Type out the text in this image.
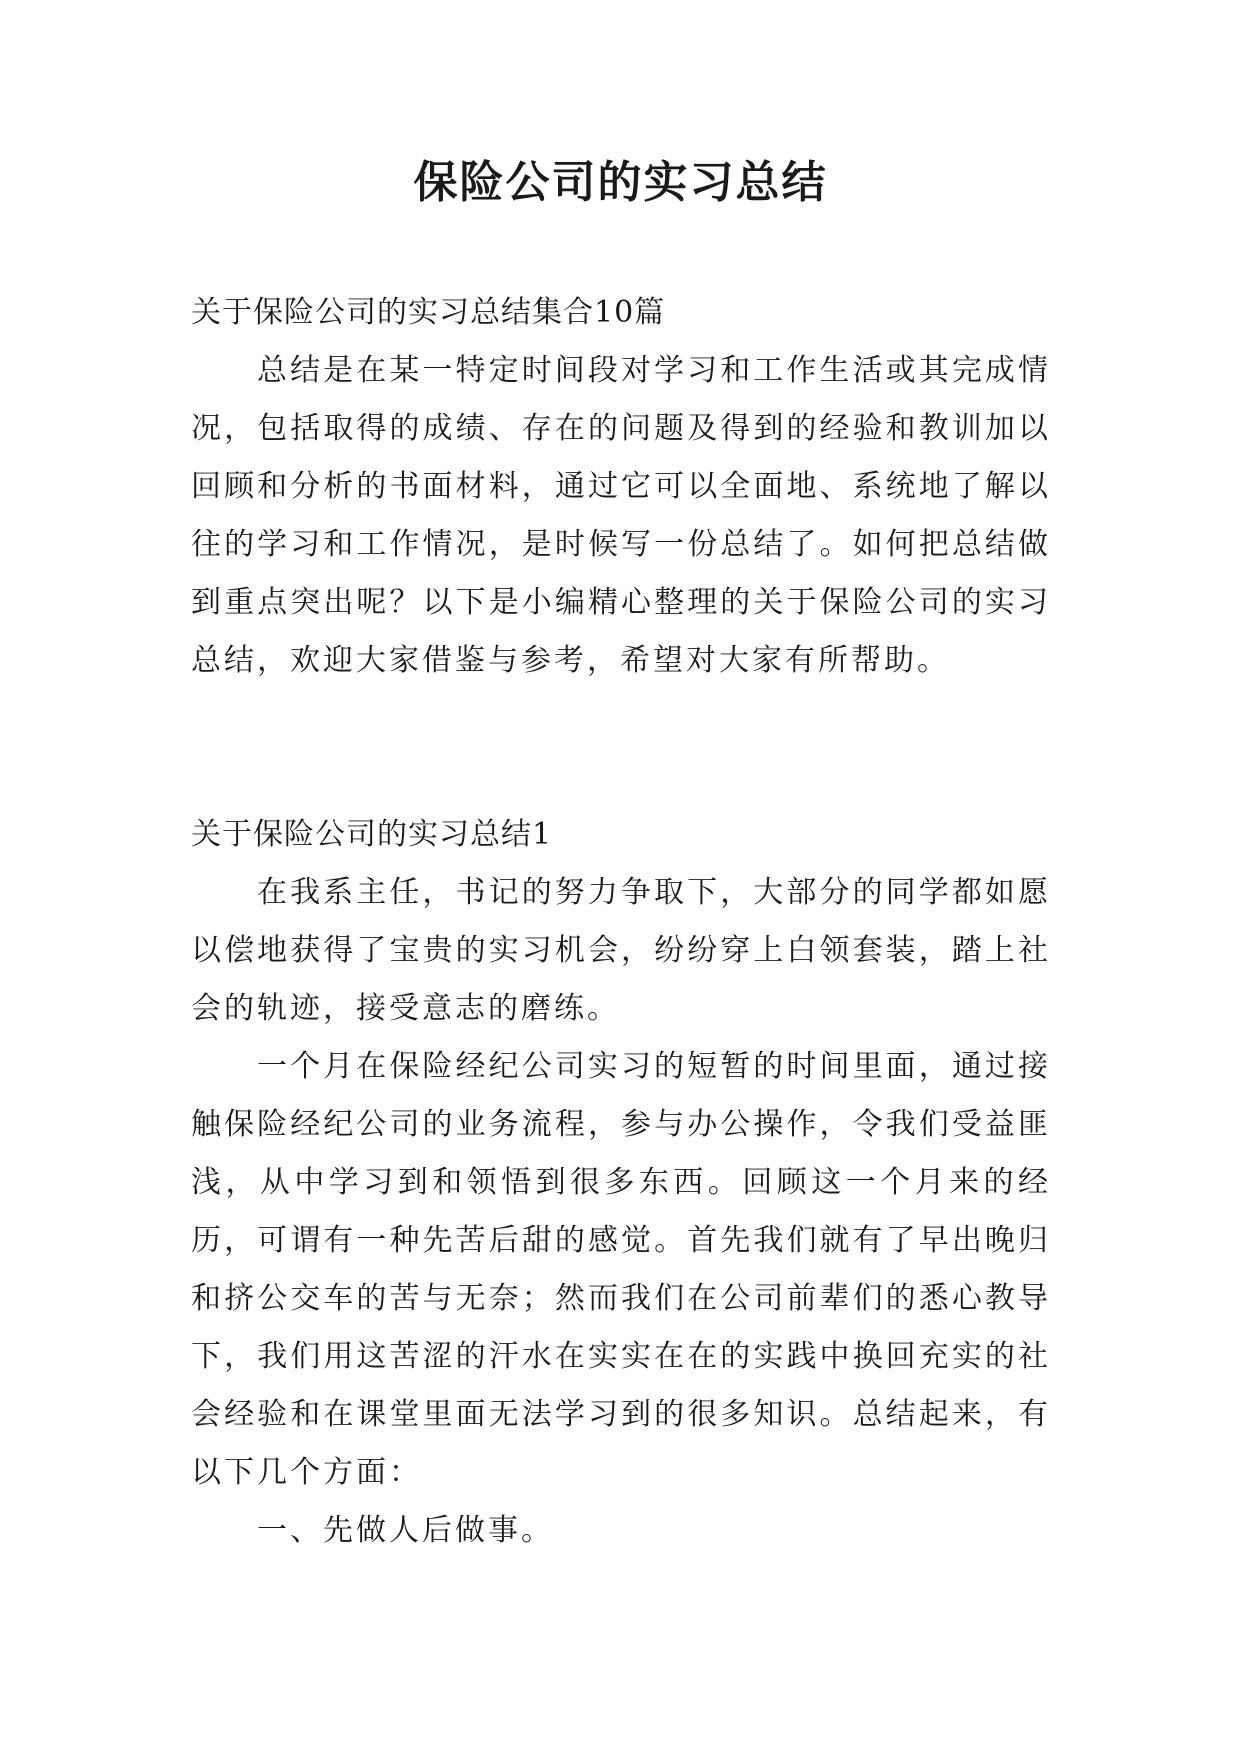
保险公司的实习总结

关于保险公司的实习总结集合10篇

总结是在某一特定时间段对学习和工作生活或其完成情况，包括取得的成绩、存在的问题及得到的经验和教训加以回顾和分析的书面材料，通过它可以全面地、系统地了解以往的学习和工作情况，是时候写一份总结了。如何把总结做到重点突出呢？以下是小编精心整理的关于保险公司的实习总结，欢迎大家借鉴与参考，希望对大家有所帮助。

关于保险公司的实习总结1

在我系主任，书记的努力争取下，大部分的同学都如愿以偿地获得了宝贵的实习机会，纷纷穿上白领套装，踏上社会的轨迹，接受意志的磨练。

一个月在保险经纪公司实习的短暂的时间里面，通过接触保险经纪公司的业务流程，参与办公操作，令我们受益匪浅，从中学习到和领悟到很多东西。回顾这一个月来的经历，可谓有一种先苦后甜的感觉。首先我们就有了早出晚归和挤公交车的苦与无奈；然而我们在公司前辈们的悉心教导下，我们用这苦涩的汗水在实实在在的实践中换回充实的社会经验和在课堂里面无法学习到的很多知识。总结起来，有以下几个方面：

一、先做人后做事。
